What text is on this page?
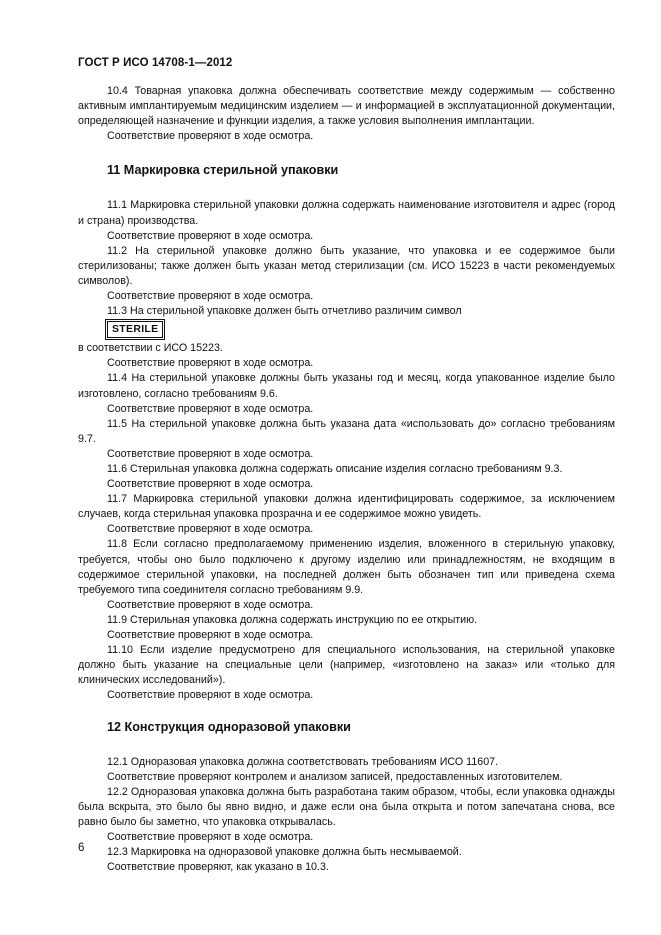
ГОСТ Р ИСО 14708-1—2012

10.4 Товарная упаковка должна обеспечивать соответствие между содержимым — собственно активным имплантируемым медицинским изделием — и информацией в эксплуатационной документации, определяющей назначение и функции изделия, а также условия выполнения имплантации.

Соответствие проверяют в ходе осмотра.

11 Маркировка стерильной упаковки

11.1 Маркировка стерильной упаковки должна содержать наименование изготовителя и адрес (город и страна) производства.

Соответствие проверяют в ходе осмотра.

11.2 На стерильной упаковке должно быть указание, что упаковка и ее содержимое были стерилизованы; также должен быть указан метод стерилизации (см. ИСО 15223 в части рекомендуемых символов).

Соответствие проверяют в ходе осмотра.

11.3 На стерильной упаковке должен быть отчетливо различим символ

STERILE

в соответствии с ИСО 15223.

Соответствие проверяют в ходе осмотра.

11.4 На стерильной упаковке должны быть указаны год и месяц, когда упакованное изделие было изготовлено, согласно требованиям 9.6.

Соответствие проверяют в ходе осмотра.

11.5 На стерильной упаковке должна быть указана дата «использовать до» согласно требованиям 9.7.

Соответствие проверяют в ходе осмотра.

11.6 Стерильная упаковка должна содержать описание изделия согласно требованиям 9.3.

Соответствие проверяют в ходе осмотра.

11.7 Маркировка стерильной упаковки должна идентифицировать содержимое, за исключением случаев, когда стерильная упаковка прозрачна и ее содержимое можно увидеть.

Соответствие проверяют в ходе осмотра.

11.8 Если согласно предполагаемому применению изделия, вложенного в стерильную упаковку, требуется, чтобы оно было подключено к другому изделию или принадлежностям, не входящим в содержимое стерильной упаковки, на последней должен быть обозначен тип или приведена схема требуемого типа соединителя согласно требованиям 9.9.

Соответствие проверяют в ходе осмотра.

11.9 Стерильная упаковка должна содержать инструкцию по ее открытию.

Соответствие проверяют в ходе осмотра.

11.10 Если изделие предусмотрено для специального использования, на стерильной упаковке должно быть указание на специальные цели (например, «изготовлено на заказ» или «только для клинических исследований»).

Соответствие проверяют в ходе осмотра.

12 Конструкция одноразовой упаковки

12.1 Одноразовая упаковка должна соответствовать требованиям ИСО 11607.

Соответствие проверяют контролем и анализом записей, предоставленных изготовителем.

12.2 Одноразовая упаковка должна быть разработана таким образом, чтобы, если упаковка однажды была вскрыта, это было бы явно видно, и даже если она была открыта и потом запечатана снова, все равно было бы заметно, что упаковка открывалась.

Соответствие проверяют в ходе осмотра.

12.3 Маркировка на одноразовой упаковке должна быть несмываемой.

Соответствие проверяют, как указано в 10.3.

6
